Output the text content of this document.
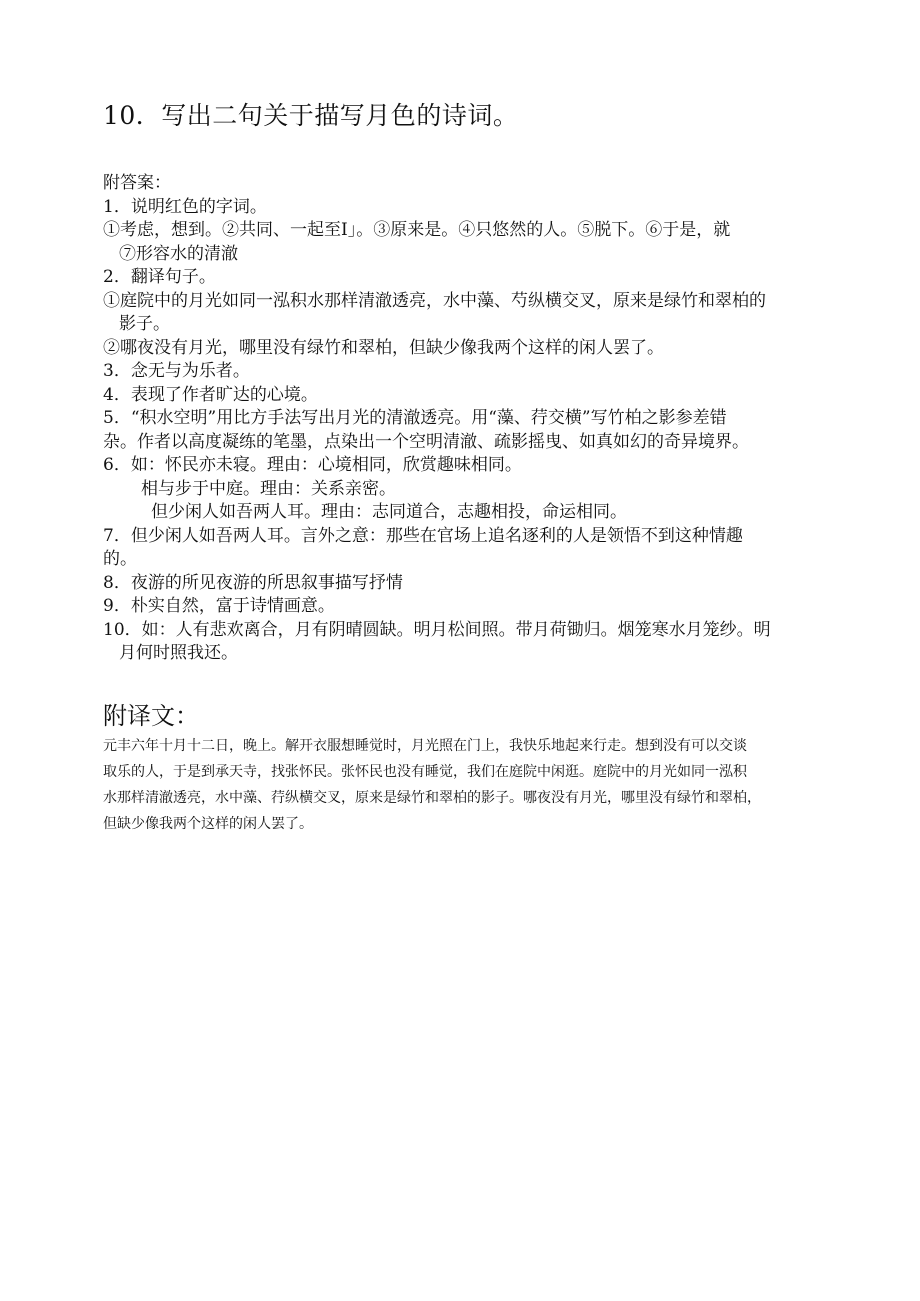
10．写出二句关于描写月色的诗词。
附答案：
1．说明红色的字词。
①考虑，想到。②共同、一起至I」。③原来是。④只悠然的人。⑤脱下。⑥于是，就
⑦形容水的清澈
2．翻译句子。
①庭院中的月光如同一泓积水那样清澈透亮，水中藻、芍纵横交叉，原来是绿竹和翠柏的
影子。
②哪夜没有月光，哪里没有绿竹和翠柏，但缺少像我两个这样的闲人罢了。
3．念无与为乐者。
4．表现了作者旷达的心境。
5．“积水空明”用比方手法写出月光的清澈透亮。用“藻、荇交横”写竹柏之影参差错
杂。作者以高度凝练的笔墨，点染出一个空明清澈、疏影摇曳、如真如幻的奇异境界。
6．如：怀民亦未寝。理由：心境相同，欣赏趣味相同。
相与步于中庭。理由：关系亲密。
但少闲人如吾两人耳。理由：志同道合，志趣相投，命运相同。
7．但少闲人如吾两人耳。言外之意：那些在官场上追名逐利的人是领悟不到这种情趣
的。
8．夜游的所见夜游的所思叙事描写抒情
9．朴实自然，富于诗情画意。
10．如：人有悲欢离合，月有阴晴圆缺。明月松间照。带月荷锄归。烟笼寒水月笼纱。明
月何时照我还。
附译文：
元丰六年十月十二日，晚上。解开衣服想睡觉时，月光照在门上，我快乐地起来行走。想到没有可以交谈
取乐的人，于是到承天寺，找张怀民。张怀民也没有睡觉，我们在庭院中闲逛。庭院中的月光如同一泓积
水那样清澈透亮，水中藻、荇纵横交叉，原来是绿竹和翠柏的影子。哪夜没有月光，哪里没有绿竹和翠柏，
但缺少像我两个这样的闲人罢了。
